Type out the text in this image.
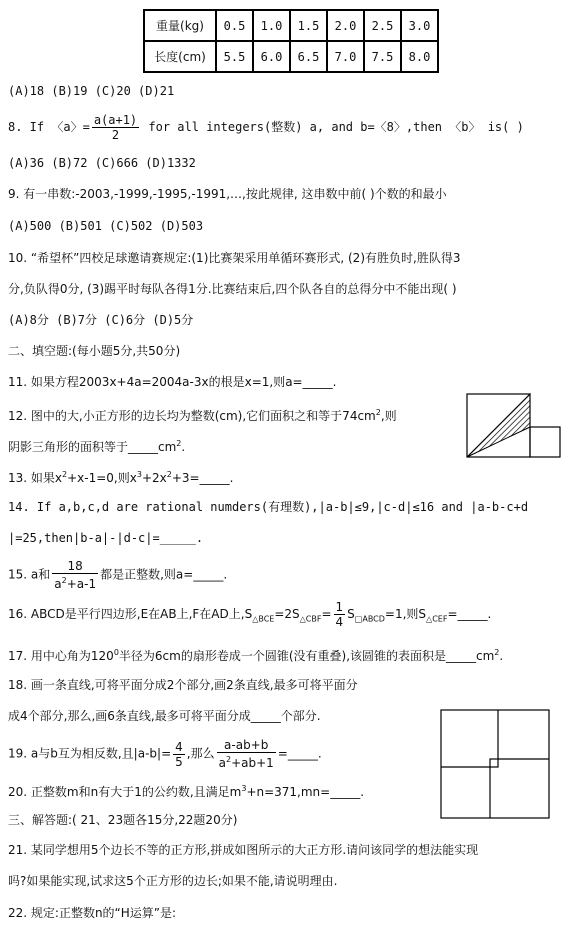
重量(kg)	0.5	1.0	1.5	2.0	2.5	3.0
长度(cm)	5.5	6.0	6.5	7.0	7.5	8.0
(A)18 (B)19 (C)20 (D)21
8. If 〈a〉= $\frac{a(a+1)}{2}$ for all integers(整数) a, and b=〈8〉,then 〈b〉 is( )
(A)36 (B)72 (C)666 (D)1332
9. 有一串数:-2003,-1999,-1995,-1991,…,按此规律, 这串数中前( )个数的和最小
(A)500 (B)501 (C)502 (D)503
10. “希望杯”四校足球邀请赛规定:(1)比赛架采用单循环赛形式, (2)有胜负时,胜队得3
分,负队得0分, (3)踢平时每队各得1分.比赛结束后,四个队各自的总得分中不能出现( )
(A)8分 (B)7分 (C)6分 (D)5分
二、填空题:(每小题5分,共50分)
11. 如果方程2003x+4a=2004a-3x的根是x=1,则a=_____.
12. 图中的大,小正方形的边长均为整数(cm),它们面积之和等于$74cm^2$,则
阴影三角形的面积等于$\_\_\_\_\_cm^2$.
13. 如果$x^2+x-1=0$,则$x^3+2x^2+3=\_\_\_\_\_$.
14. If a,b,c,d are rational numders(有理数),|a-b|≤9,|c-d|≤16 and |a-b-c+d
|=25,then|b-a|-|d-c|=_____.
15. a和 $\frac{18}{a^2+a-1}$ 都是正整数,则a=_____.
16. ABCD是平行四边形,E在AB上,F在AD上$,S_{\triangle BCE}=2S_{\triangle CBF}= \frac{1}{4} S_{□ABCD}=1$,则$S_{\triangle CEF}=\_\_\_\_\_$.
17. 用中心角为$120^0$半径为6cm的扇形卷成一个圆锥(没有重叠),该圆锥的表面积是$\_\_\_\_\_cm^2$.
18. 画一条直线,可将平面分成2个部分,画2条直线,最多可将平面分
成4个部分,那么,画6条直线,最多可将平面分成_____个部分.
19. a与b互为相反数,且$|a-b|= \frac{4}{5}$ ,那么 $\frac{a-ab+b}{a^2+ab+1}$ =_____.
20. 正整数m和n有大于1的公约数,且满足$m^3+n=371,mn=\_\_\_\_\_$.
三、解答题:( 21、23题各15分,22题20分)
21. 某同学想用5个边长不等的正方形,拼成如图所示的大正方形.请问该同学的想法能实现
吗?如果能实现,试求这5个正方形的边长;如果不能,请说明理由.
22. 规定:正整数n的“H运算”是:
